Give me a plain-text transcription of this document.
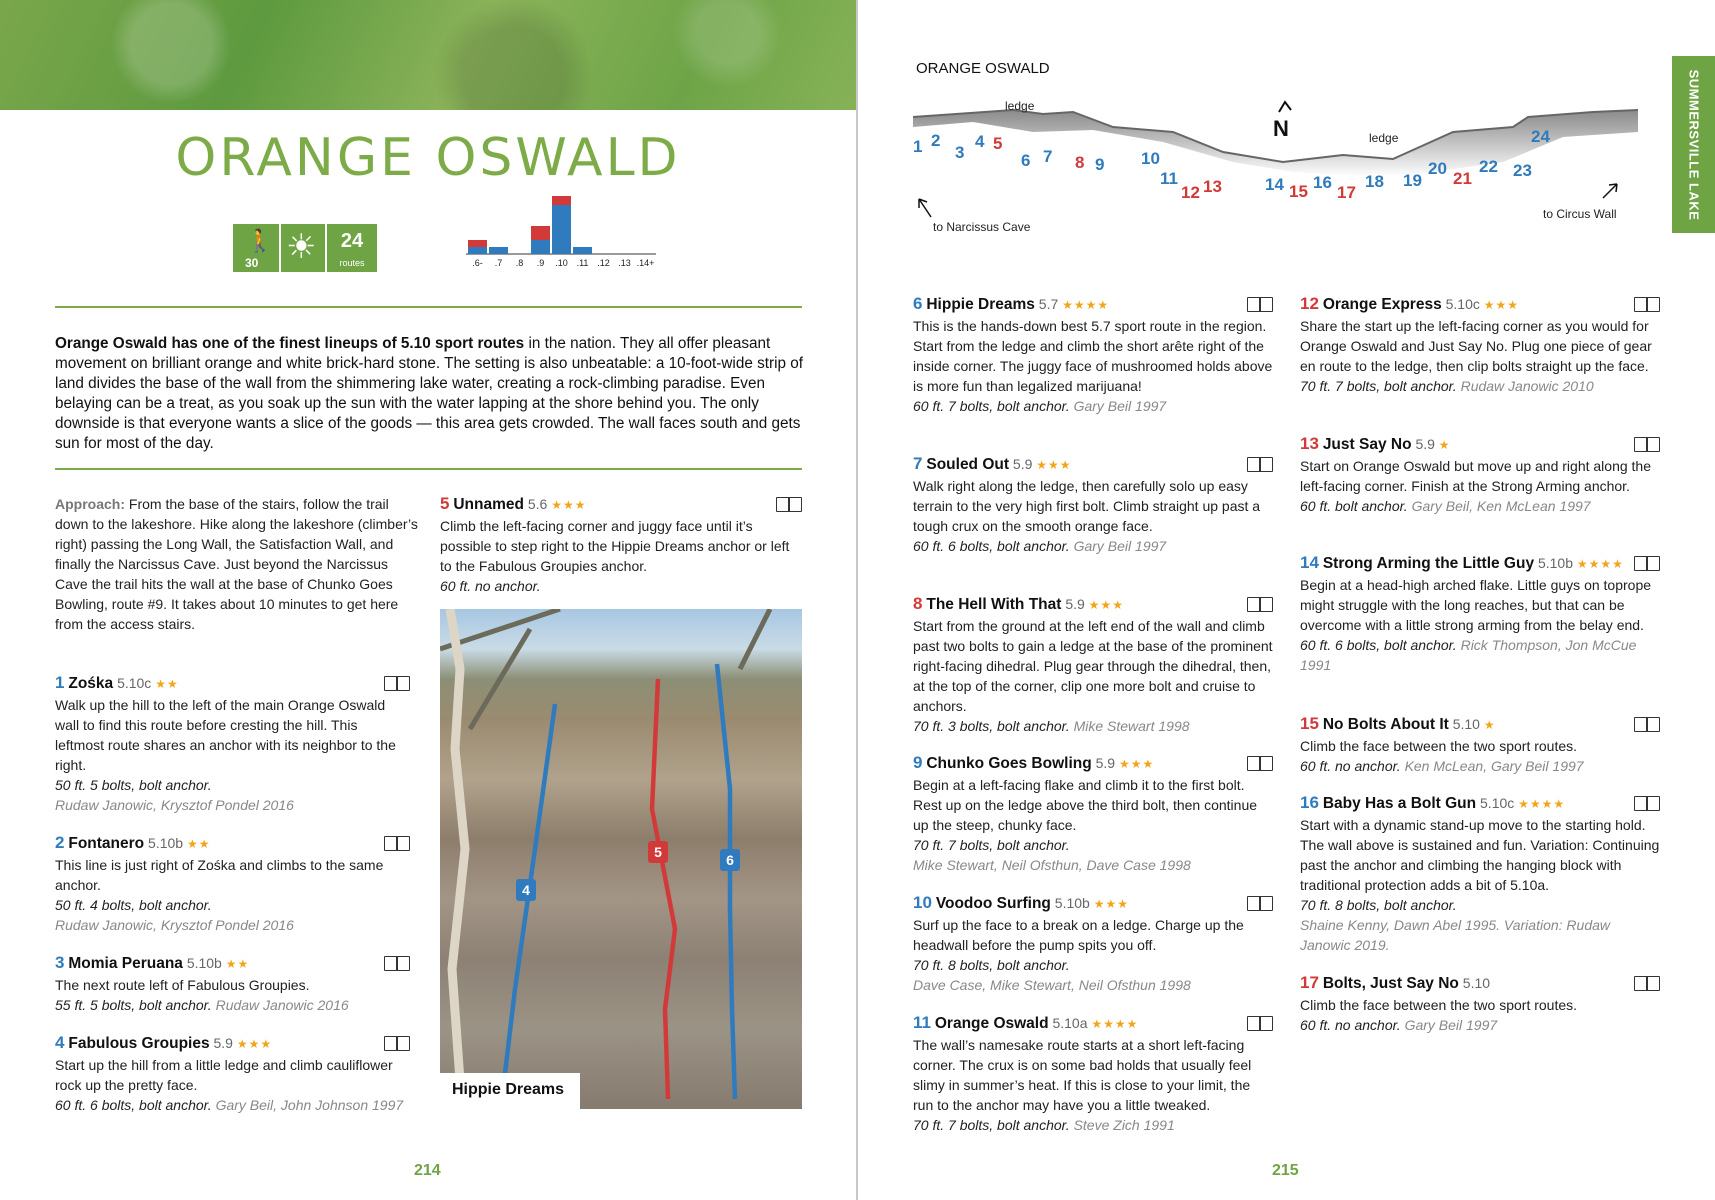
ORANGE OSWALD
🚶
30 ☀	24
routes	.6- .7 .8 .9 .10 .11 .12 .13 .14+

Orange Oswald has one of the finest lineups of 5.10 sport routes in the nation. They all offer pleasant movement on brilliant orange and white brick-hard stone. The setting is also unbeatable: a 10-foot-wide strip of land divides the base of the wall from the shimmering lake water, creating a rock-climbing paradise. Even belaying can be a treat, as you soak up the sun with the water lapping at the shore behind you. The only downside is that everyone wants a slice of the goods — this area gets crowded. The wall faces south and gets sun for most of the day.

Approach: From the base of the stairs, follow the trail down to the lakeshore. Hike along the lakeshore (climber’s right) passing the Long Wall, the Satisfaction Wall, and finally the Narcissus Cave. Just beyond the Narcissus Cave the trail hits the wall at the base of Chunko Goes Bowling, route #9. It takes about 10 minutes to get here from the access stairs.

1 Zośka 5.10c ★★
Walk up the hill to the left of the main Orange Oswald wall to find this route before cresting the hill. This leftmost route shares an anchor with its neighbor to the right.
50 ft. 5 bolts, bolt anchor.
Rudaw Janowic, Krysztof Pondel 2016
2 Fontanero 5.10b ★★
This line is just right of Zośka and climbs to the same anchor.
50 ft. 4 bolts, bolt anchor.
Rudaw Janowic, Krysztof Pondel 2016
3 Momia Peruana 5.10b ★★
The next route left of Fabulous Groupies.
55 ft. 5 bolts, bolt anchor. Rudaw Janowic 2016
4 Fabulous Groupies 5.9 ★★★
Start up the hill from a little ledge and climb cauliflower rock up the pretty face.
60 ft. 6 bolts, bolt anchor. Gary Beil, John Johnson 1997
5 Unnamed 5.6 ★★★
Climb the left-facing corner and juggy face until it’s possible to step right to the Hippie Dreams anchor or left to the Fabulous Groupies anchor.
60 ft. no anchor.
4
5	6
Hippie Dreams
214
ORANGE OSWALD
ledge
ledge
N
to Narcissus Cave
to Circus Wall
1 2
3
4 5
6 7 8 9 10
11
12 13	14 15 16
17
18 19
20
21
22 23
24	SUMMERSVILLE LAKE
6 Hippie Dreams 5.7 ★★★★
This is the hands-down best 5.7 sport route in the region. Start from the ledge and climb the short arête right of the inside corner. The juggy face of mushroomed holds above is more fun than legalized marijuana!
60 ft. 7 bolts, bolt anchor. Gary Beil 1997
7 Souled Out 5.9 ★★★
Walk right along the ledge, then carefully solo up easy terrain to the very high first bolt. Climb straight up past a tough crux on the smooth orange face.
60 ft. 6 bolts, bolt anchor. Gary Beil 1997
8 The Hell With That 5.9 ★★★
Start from the ground at the left end of the wall and climb past two bolts to gain a ledge at the base of the prominent right-facing dihedral. Plug gear through the dihedral, then, at the top of the corner, clip one more bolt and cruise to anchors.
70 ft. 3 bolts, bolt anchor. Mike Stewart 1998
9 Chunko Goes Bowling 5.9 ★★★
Begin at a left-facing flake and climb it to the first bolt. Rest up on the ledge above the third bolt, then continue up the steep, chunky face.
70 ft. 7 bolts, bolt anchor.
Mike Stewart, Neil Ofsthun, Dave Case 1998
10 Voodoo Surfing 5.10b ★★★
Surf up the face to a break on a ledge. Charge up the headwall before the pump spits you off.
70 ft. 8 bolts, bolt anchor.
Dave Case, Mike Stewart, Neil Ofsthun 1998
11 Orange Oswald 5.10a ★★★★
The wall’s namesake route starts at a short left-facing corner. The crux is on some bad holds that usually feel slimy in summer’s heat. If this is close to your limit, the run to the anchor may have you a little tweaked.
70 ft. 7 bolts, bolt anchor. Steve Zich 1991
12 Orange Express 5.10c ★★★
Share the start up the left-facing corner as you would for Orange Oswald and Just Say No. Plug one piece of gear en route to the ledge, then clip bolts straight up the face.
70 ft. 7 bolts, bolt anchor. Rudaw Janowic 2010
13 Just Say No 5.9 ★
Start on Orange Oswald but move up and right along the left-facing corner. Finish at the Strong Arming anchor.
60 ft. bolt anchor. Gary Beil, Ken McLean 1997
14 Strong Arming the Little Guy 5.10b ★★★★
Begin at a head-high arched flake. Little guys on toprope might struggle with the long reaches, but that can be overcome with a little strong arming from the belay end.
60 ft. 6 bolts, bolt anchor. Rick Thompson, Jon McCue 1991
15 No Bolts About It 5.10 ★
Climb the face between the two sport routes.
60 ft. no anchor. Ken McLean, Gary Beil 1997
16 Baby Has a Bolt Gun 5.10c ★★★★
Start with a dynamic stand-up move to the starting hold. The wall above is sustained and fun. Variation: Continuing past the anchor and climbing the hanging block with traditional protection adds a bit of 5.10a.
70 ft. 8 bolts, bolt anchor.
Shaine Kenny, Dawn Abel 1995. Variation: Rudaw Janowic 2019.
17 Bolts, Just Say No 5.10
Climb the face between the two sport routes.
60 ft. no anchor. Gary Beil 1997
215
